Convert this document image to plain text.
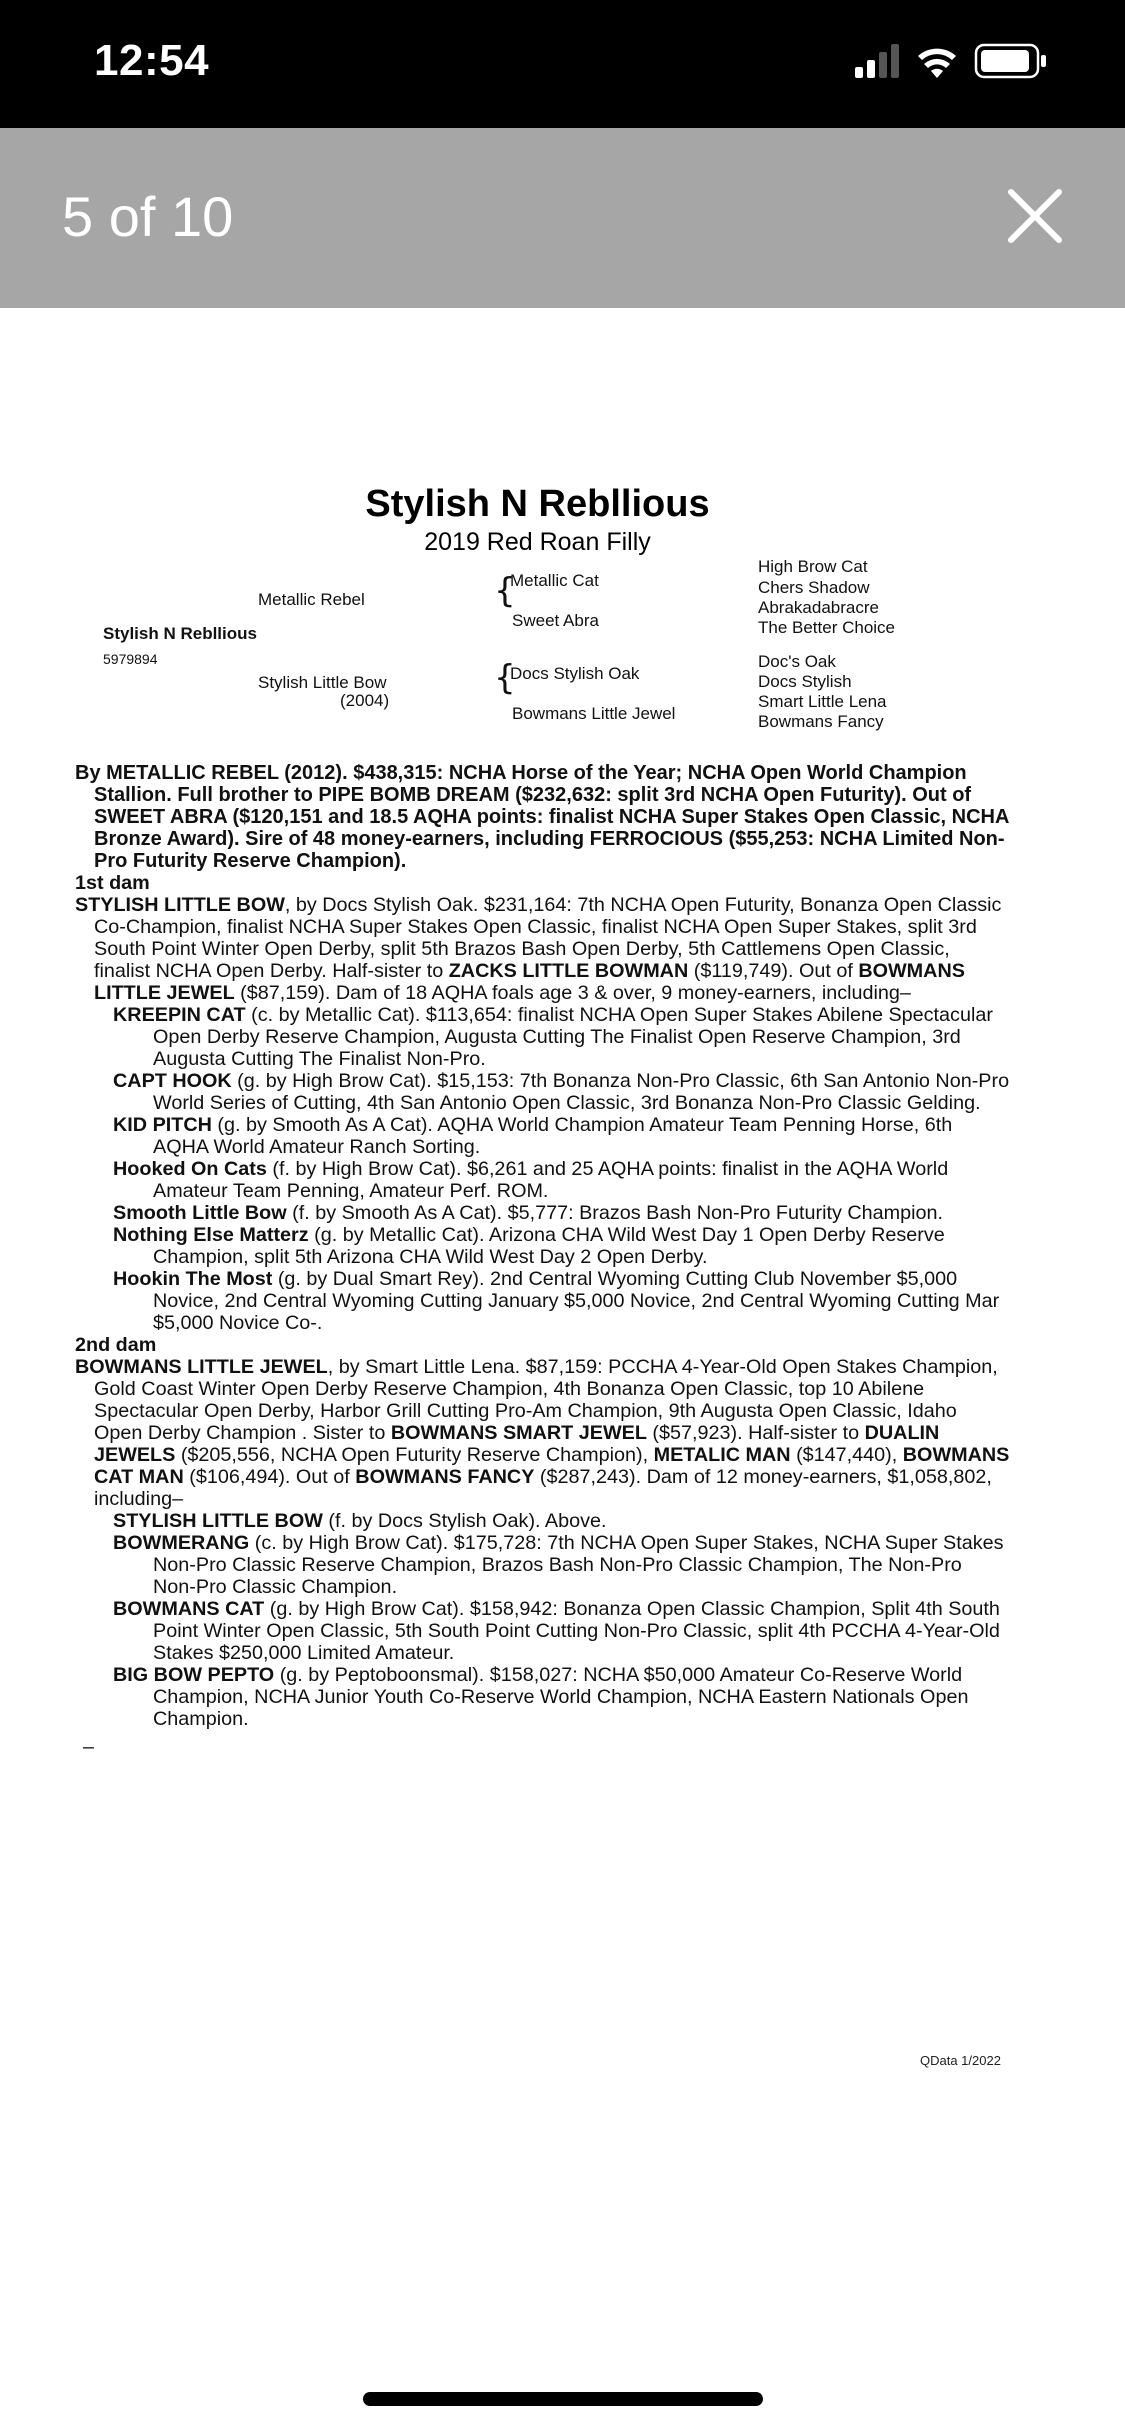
12:54
5 of 10
Stylish N Rebllious
2019 Red Roan Filly
Stylish N Rebllious
5979894
Metallic Rebel
Stylish Little Bow
(2004)
{
Metallic Cat
Sweet Abra
{
Docs Stylish Oak
Bowmans Little Jewel
High Brow Cat
Chers Shadow
Abrakadabracre
The Better Choice
Doc's Oak
Docs Stylish
Smart Little Lena
Bowmans Fancy

By METALLIC REBEL (2012). $438,315: NCHA Horse of the Year; NCHA Open World Champion Stallion. Full brother to PIPE BOMB DREAM ($232,632: split 3rd NCHA Open Futurity). Out of SWEET ABRA ($120,151 and 18.5 AQHA points: finalist NCHA Super Stakes Open Classic, NCHA Bronze Award). Sire of 48 money-earners, including FERROCIOUS ($55,253: NCHA Limited Non-Pro Futurity Reserve Champion).

1st dam

STYLISH LITTLE BOW, by Docs Stylish Oak. $231,164: 7th NCHA Open Futurity, Bonanza Open Classic Co-Champion, finalist NCHA Super Stakes Open Classic, finalist NCHA Open Super Stakes, split 3rd South Point Winter Open Derby, split 5th Brazos Bash Open Derby, 5th Cattlemens Open Classic, finalist NCHA Open Derby. Half-sister to ZACKS LITTLE BOWMAN ($119,749). Out of BOWMANS LITTLE JEWEL ($87,159). Dam of 18 AQHA foals age 3 & over, 9 money-earners, including–

KREEPIN CAT (c. by Metallic Cat). $113,654: finalist NCHA Open Super Stakes Abilene Spectacular Open Derby Reserve Champion, Augusta Cutting The Finalist Open Reserve Champion, 3rd Augusta Cutting The Finalist Non-Pro.

CAPT HOOK (g. by High Brow Cat). $15,153: 7th Bonanza Non-Pro Classic, 6th San Antonio Non-Pro World Series of Cutting, 4th San Antonio Open Classic, 3rd Bonanza Non-Pro Classic Gelding.

KID PITCH (g. by Smooth As A Cat). AQHA World Champion Amateur Team Penning Horse, 6th AQHA World Amateur Ranch Sorting.

Hooked On Cats (f. by High Brow Cat). $6,261 and 25 AQHA points: finalist in the AQHA World Amateur Team Penning, Amateur Perf. ROM.

Smooth Little Bow (f. by Smooth As A Cat). $5,777: Brazos Bash Non-Pro Futurity Champion.

Nothing Else Matterz (g. by Metallic Cat). Arizona CHA Wild West Day 1 Open Derby Reserve Champion, split 5th Arizona CHA Wild West Day 2 Open Derby.

Hookin The Most (g. by Dual Smart Rey). 2nd Central Wyoming Cutting Club November $5,000 Novice, 2nd Central Wyoming Cutting January $5,000 Novice, 2nd Central Wyoming Cutting Mar $5,000 Novice Co-.

2nd dam

BOWMANS LITTLE JEWEL, by Smart Little Lena. $87,159: PCCHA 4-Year-Old Open Stakes Champion, Gold Coast Winter Open Derby Reserve Champion, 4th Bonanza Open Classic, top 10 Abilene Spectacular Open Derby, Harbor Grill Cutting Pro-Am Champion, 9th Augusta Open Classic, Idaho Open Derby Champion . Sister to BOWMANS SMART JEWEL ($57,923). Half-sister to DUALIN JEWELS ($205,556, NCHA Open Futurity Reserve Champion), METALIC MAN ($147,440), BOWMANS CAT MAN ($106,494). Out of BOWMANS FANCY ($287,243). Dam of 12 money-earners, $1,058,802, including–

STYLISH LITTLE BOW (f. by Docs Stylish Oak). Above.

BOWMERANG (c. by High Brow Cat). $175,728: 7th NCHA Open Super Stakes, NCHA Super Stakes Non-Pro Classic Reserve Champion, Brazos Bash Non-Pro Classic Champion, The Non-Pro Non-Pro Classic Champion.

BOWMANS CAT (g. by High Brow Cat). $158,942: Bonanza Open Classic Champion, Split 4th South Point Winter Open Classic, 5th South Point Cutting Non-Pro Classic, split 4th PCCHA 4-Year-Old Stakes $250,000 Limited Amateur.

BIG BOW PEPTO (g. by Peptoboonsmal). $158,027: NCHA $50,000 Amateur Co-Reserve World Champion, NCHA Junior Youth Co-Reserve World Champion, NCHA Eastern Nationals Open Champion.

–

QData 1/2022
